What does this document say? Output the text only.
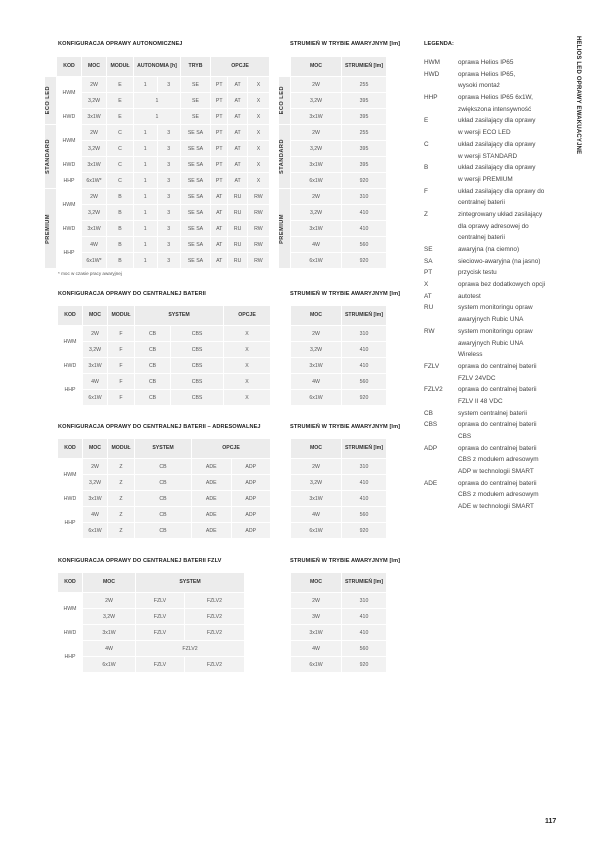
HELIOS LED OPRAWY EWAKUACYJNE
117
KONFIGURACJA OPRAWY AUTONOMICZNEJ	STRUMIEŃ W TRYBIE AWARYJNYM [lm]	LEGENDA:
	KOD	MOC	MODUŁ	AUTONOMIA [h]		TRYB	OPCJE		

ECO LED	HWM	2W	E	1	3	SE	PT	AT	X
		3,2W	E	1		SE	PT	AT	X
	HWD	3x1W	E	1		SE	PT	AT	X

STANDARD	HWM	2W	C	1	3	SE SA	PT	AT	X
		3,2W	C	1	3	SE SA	PT	AT	X
	HWD	3x1W	C	1	3	SE SA	PT	AT	X
	HHP	6x1W*	C	1	3	SE SA	PT	AT	X

PREMIUM	HWM	2W	B	1	3	SE SA	AT	RU	RW
		3,2W	B	1	3	SE SA	AT	RU	RW
	HWD	3x1W	B	1	3	SE SA	AT	RU	RW
	HHP	4W	B	1	3	SE SA	AT	RU	RW
		6x1W*	B	1	3	SE SA	AT	RU	RW
* moc w czasie pracy awaryjnej
	MOC	STRUMIEŃ [lm]

ECO LED	2W	255
	3,2W	395
	3x1W	395

STANDARD	2W	255
	3,2W	395
	3x1W	395
	6x1W	920

PREMIUM	2W	310
	3,2W	410
	3x1W	410
	4W	560
	6x1W	920
KONFIGURACJA OPRAWY DO CENTRALNEJ BATERII	STRUMIEŃ W TRYBIE AWARYJNYM [lm]
KOD	MOC	MODUŁ	SYSTEM		OPCJE
HWM	2W	F	CB	CBS	X
	3,2W	F	CB	CBS	X
HWD	3x1W	F	CB	CBS	X
HHP	4W	F	CB	CBS	X
	6x1W	F	CB	CBS	X
MOC	STRUMIEŃ [lm]
2W	310
3,2W	410
3x1W	410
4W	560
6x1W	920
KONFIGURACJA OPRAWY DO CENTRALNEJ BATERII – ADRESOWALNEJ	STRUMIEŃ W TRYBIE AWARYJNYM [lm]
KOD	MOC	MODUŁ	SYSTEM	OPCJE	
HWM	2W	Z	CB	ADE	ADP
	3,2W	Z	CB	ADE	ADP
HWD	3x1W	Z	CB	ADE	ADP
HHP	4W	Z	CB	ADE	ADP
	6x1W	Z	CB	ADE	ADP
MOC	STRUMIEŃ [lm]
2W	310
3,2W	410
3x1W	410
4W	560
6x1W	920
KONFIGURACJA OPRAWY DO CENTRALNEJ BATERII FZLV	STRUMIEŃ W TRYBIE AWARYJNYM [lm]
KOD	MOC	SYSTEM	
HWM	2W	FZLV	FZLV2
	3,2W	FZLV	FZLV2
HWD	3x1W	FZLV	FZLV2
HHP	4W	FZLV2	
	6x1W	FZLV	FZLV2
MOC	STRUMIEŃ [lm]
2W	310
3W	410
3x1W	410
4W	560
6x1W	920
HWM	oprawa Helios IP65
HWD	oprawa Helios IP65,
wysoki montaż
HHP	oprawa Helios IP65 6x1W,
zwiększona intensywność
E	układ zasilający dla oprawy
w wersji ECO LED
C	układ zasilający dla oprawy
w wersji STANDARD
B	układ zasilający dla oprawy
w wersji PREMIUM
F	układ zasilający dla oprawy do
centralnej baterii
Z	zintegrowany układ zasilający
dla oprawy adresowej do
centralnej baterii
SE	awaryjna (na ciemno)
SA	sieciowo-awaryjna (na jasno)
PT	przycisk testu
X	oprawa bez dodatkowych opcji
AT	autotest
RU	system monitoringu opraw
awaryjnych Rubic UNA
RW	system monitoringu opraw
awaryjnych Rubic UNA
Wireless
FZLV	oprawa do centralnej baterii
FZLV 24VDC
FZLV2	oprawa do centralnej baterii
FZLV II 48 VDC
CB	system centralnej baterii
CBS	oprawa do centralnej baterii
CBS
ADP	oprawa do centralnej baterii
CBS z modułem adresowym
ADP w technologii SMART
ADE	oprawa do centralnej baterii
CBS z modułem adresowym
ADE w technologii SMART
